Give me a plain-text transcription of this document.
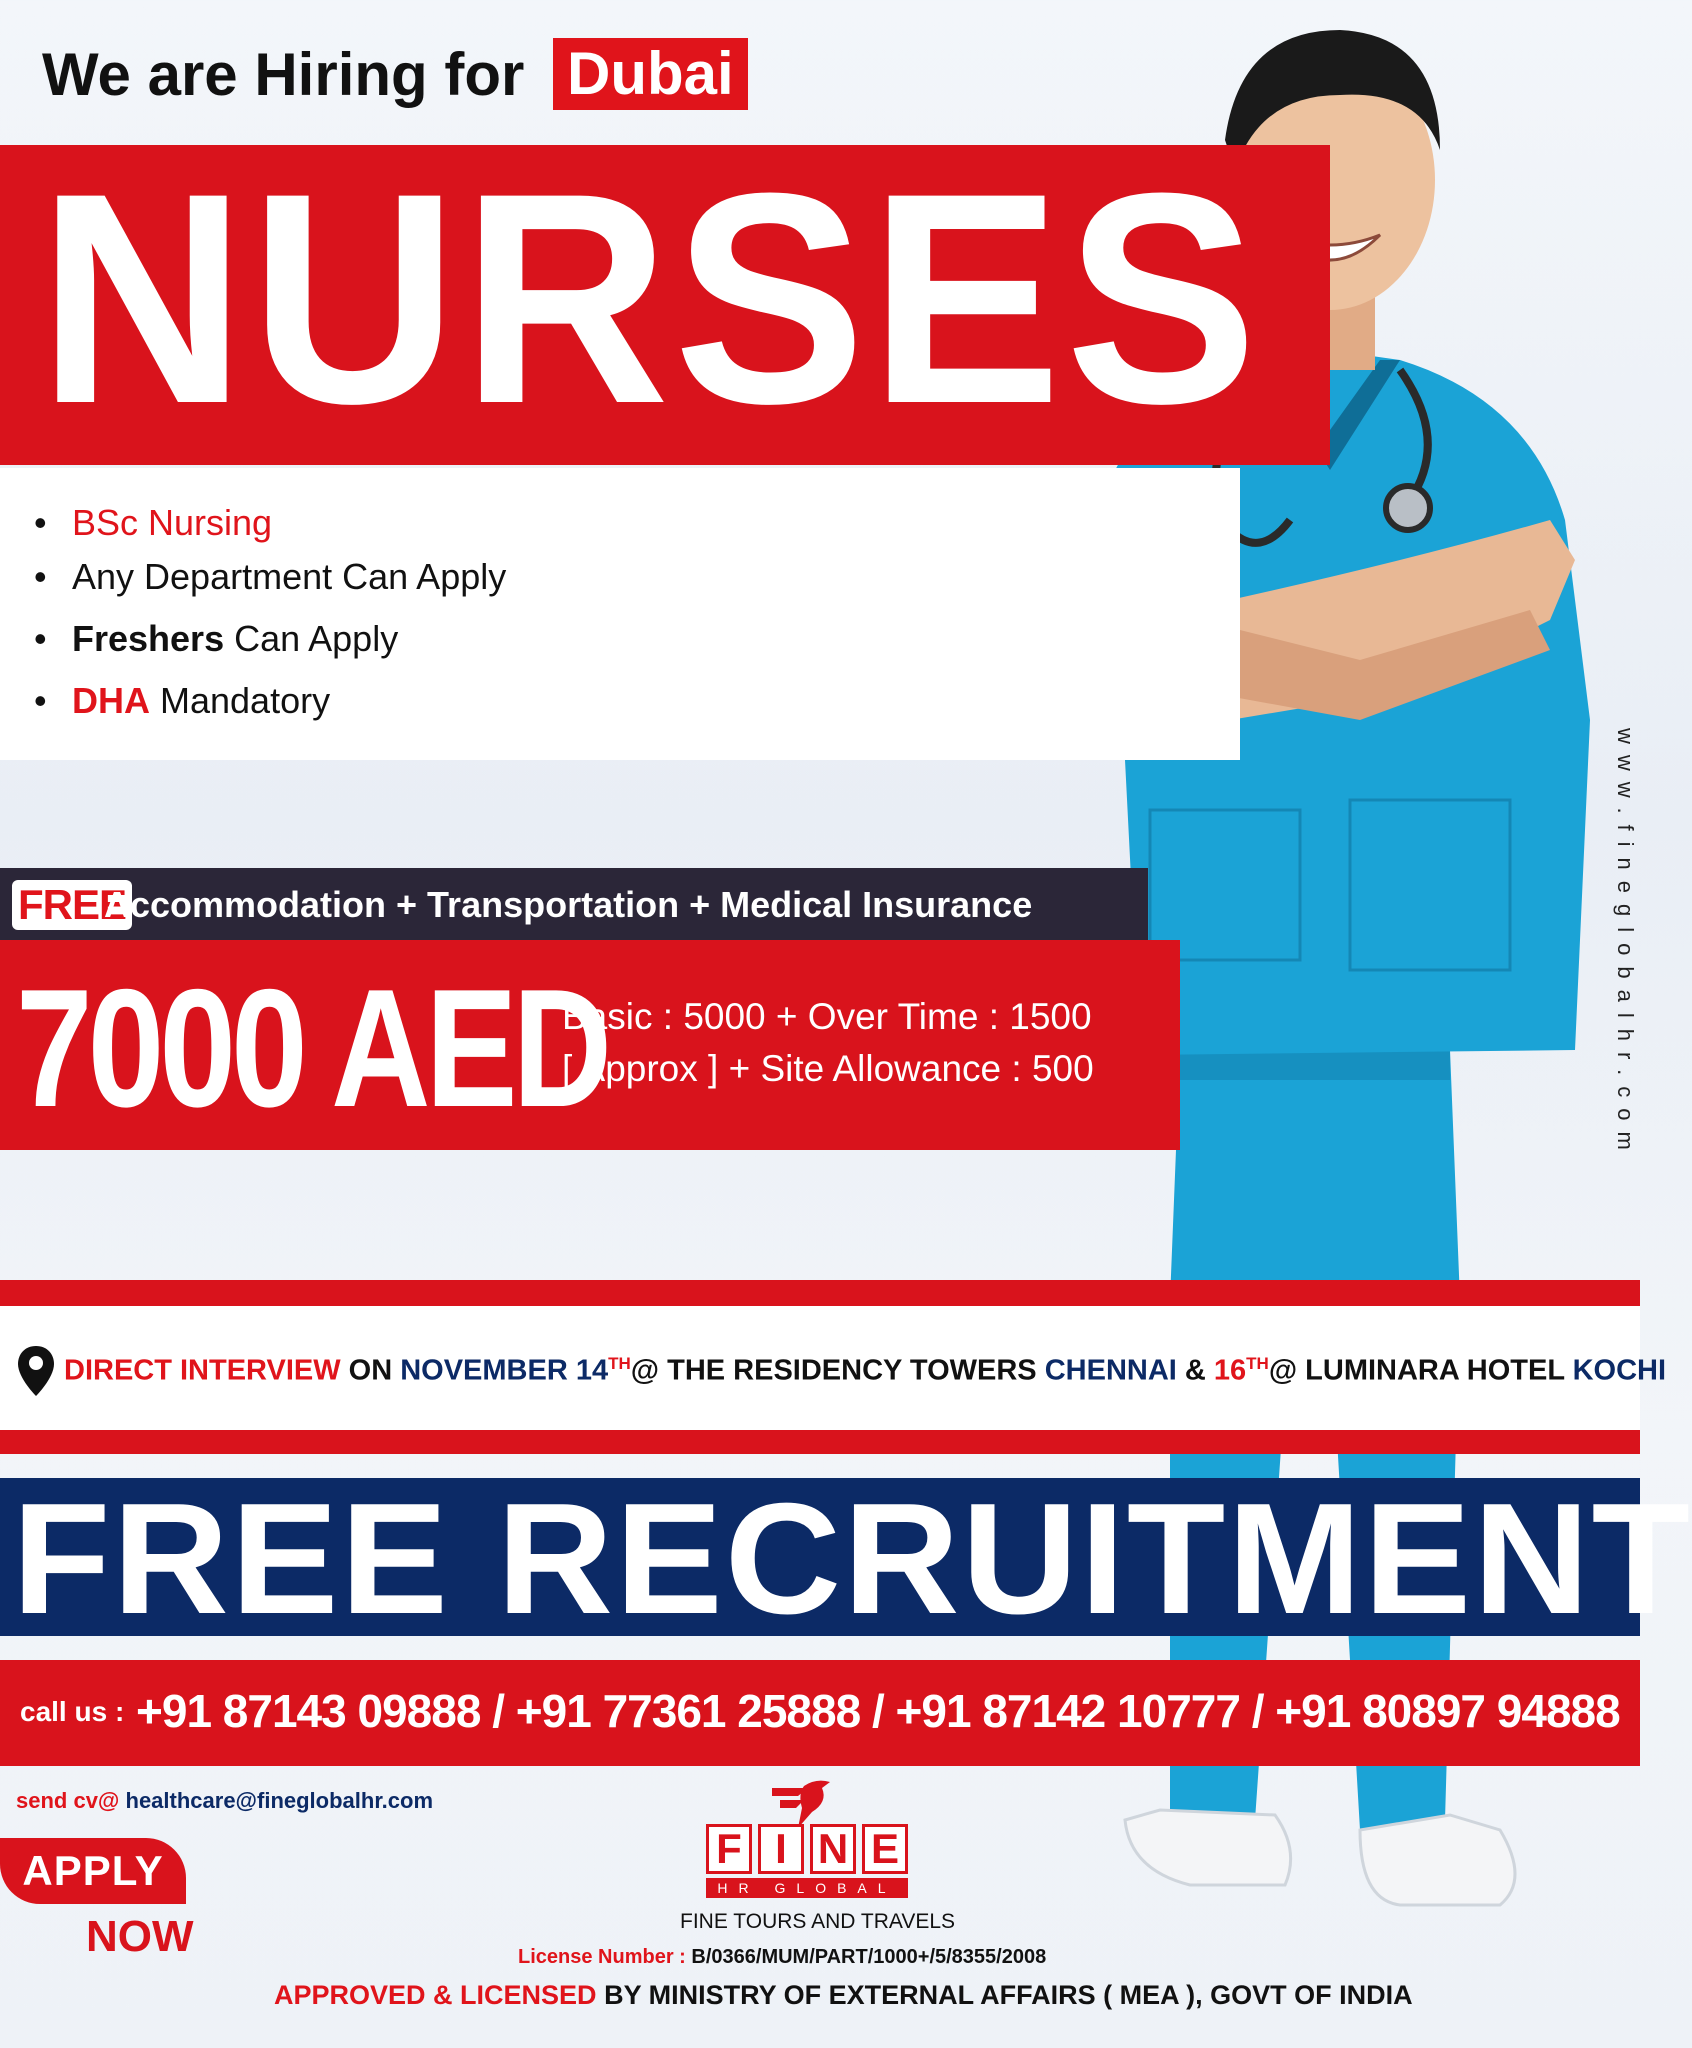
We are Hiring for Dubai
NURSES
• BSc Nursing
• Any Department Can Apply
• Freshers Can Apply
• DHA Mandatory
FREE
Accommodation + Transportation + Medical Insurance
7000 AED
Basic : 5000 + Over Time : 1500
[ Approx ] + Site Allowance : 500	www.fineglobalhr.com
DIRECT INTERVIEW ON NOVEMBER 14TH@ THE RESIDENCY TOWERS CHENNAI & 16TH@ LUMINARA HOTEL KOCHI
FREE RECRUITMENT
call us : +91 87143 09888 / +91 77361 25888 / +91 87142 10777 / +91 80897 94888
send cv@ healthcare@fineglobalhr.com
APPLY
NOW
F I N E
HR GLOBAL
FINE TOURS AND TRAVELS
License Number : B/0366/MUM/PART/1000+/5/8355/2008
APPROVED & LICENSED BY MINISTRY OF EXTERNAL AFFAIRS ( MEA ), GOVT OF INDIA
